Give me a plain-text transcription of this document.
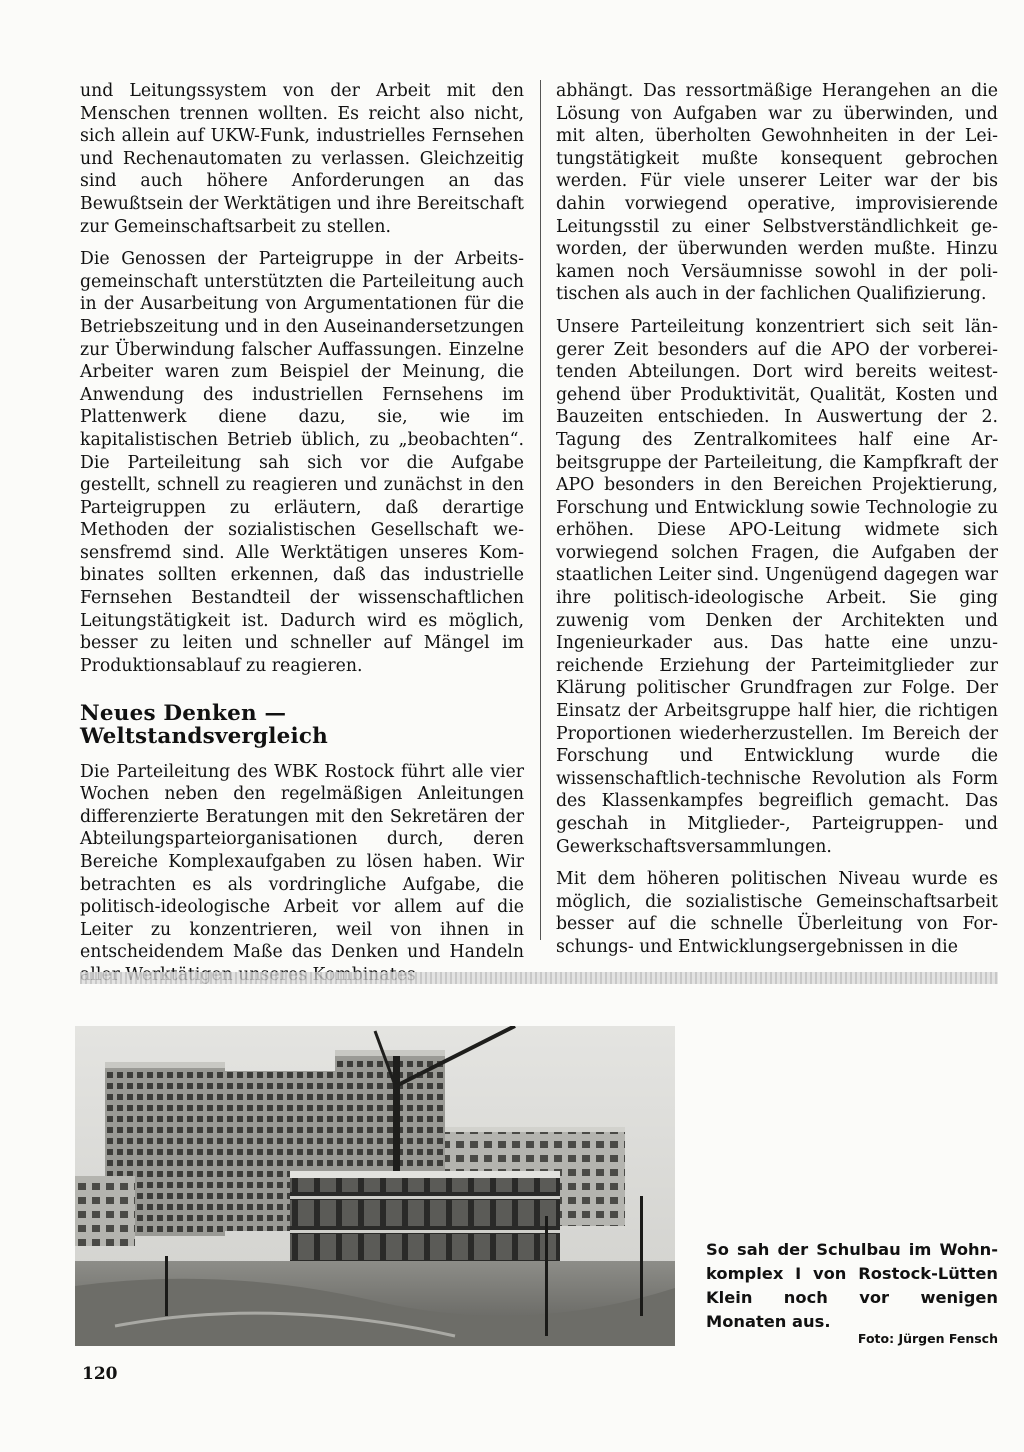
und Leitungssystem von der Arbeit mit den Menschen trennen wollten. Es reicht also nicht, sich allein auf UKW-Funk, industrielles Fernsehen und Rechenautomaten zu verlassen. Gleichzeitig sind auch höhere Anforderungen an das Bewußtsein der Werktätigen und ihre Bereitschaft zur Gemeinschaftsarbeit zu stellen.

Die Genossen der Parteigruppe in der Arbeitsgemeinschaft unterstützten die Parteileitung auch in der Ausarbeitung von Argumentationen für die Betriebszeitung und in den Auseinandersetzungen zur Überwindung falscher Auffassungen. Einzelne Arbeiter waren zum Beispiel der Meinung, die Anwendung des industriellen Fernsehens im Plattenwerk diene dazu, sie, wie im kapitalistischen Betrieb üblich, zu „beobachten“. Die Parteileitung sah sich vor die Aufgabe gestellt, schnell zu reagieren und zunächst in den Parteigruppen zu erläutern, daß derartige Methoden der sozialistischen Gesellschaft wesensfremd sind. Alle Werktätigen unseres Kombinates sollten erkennen, daß das industrielle Fernsehen Bestandteil der wissenschaftlichen Leitungstätigkeit ist. Dadurch wird es möglich, besser zu leiten und schneller auf Mängel im Produktionsablauf zu reagieren.

Neues Denken — Weltstandsvergleich

Die Parteileitung des WBK Rostock führt alle vier Wochen neben den regelmäßigen Anleitungen differenzierte Beratungen mit den Sekretären der Abteilungsparteiorganisationen durch, deren Bereiche Komplexaufgaben zu lösen haben. Wir betrachten es als vordringliche Aufgabe, die politisch-ideologische Arbeit vor allem auf die Leiter zu konzentrieren, weil von ihnen in entscheidendem Maße das Denken und Handeln

abhängt. Das ressortmäßige Herangehen an die Lösung von Aufgaben war zu überwinden, und mit alten, überholten Gewohnheiten in der Leitungstätigkeit mußte konsequent gebrochen werden. Für viele unserer Leiter war der bis dahin vorwiegend operative, improvisierende Leitungsstil zu einer Selbstverständlichkeit geworden, der überwunden werden mußte. Hinzu kamen noch Versäumnisse sowohl in der politischen als auch in der fachlichen Qualifizierung.

Unsere Parteileitung konzentriert sich seit längerer Zeit besonders auf die APO der vorbereitenden Abteilungen. Dort wird bereits weitestgehend über Produktivität, Qualität, Kosten und Bauzeiten entschieden. In Auswertung der 2. Tagung des Zentralkomitees half eine Arbeitsgruppe der Parteileitung, die Kampfkraft der APO besonders in den Bereichen Projektierung, Forschung und Entwicklung sowie Technologie zu erhöhen. Diese APO-Leitung widmete sich vorwiegend solchen Fragen, die Aufgaben der staatlichen Leiter sind. Ungenügend dagegen war ihre politisch-ideologische Arbeit. Sie ging zuwenig vom Denken der Architekten und Ingenieurkader aus. Das hatte eine unzureichende Erziehung der Parteimitglieder zur Klärung politischer Grundfragen zur Folge. Der Einsatz der Arbeitsgruppe half hier, die richtigen Proportionen wiederherzustellen. Im Bereich der Forschung und Entwicklung wurde die wissenschaftlich-technische Revolution als Form des Klassenkampfes begreiflich gemacht. Das geschah in Mitglieder-, Parteigruppen- und Gewerkschaftsversammlungen.

Mit dem höheren politischen Niveau wurde es möglich, die sozialistische Gemeinschaftsarbeit besser auf die schnelle Überleitung von Forschungs- und Entwicklungsergebnissen in die

So sah der Schulbau im Wohnkomplex I von Rostock-Lütten Klein noch vor wenigen Monaten aus.
Foto: Jürgen Fensch
120
